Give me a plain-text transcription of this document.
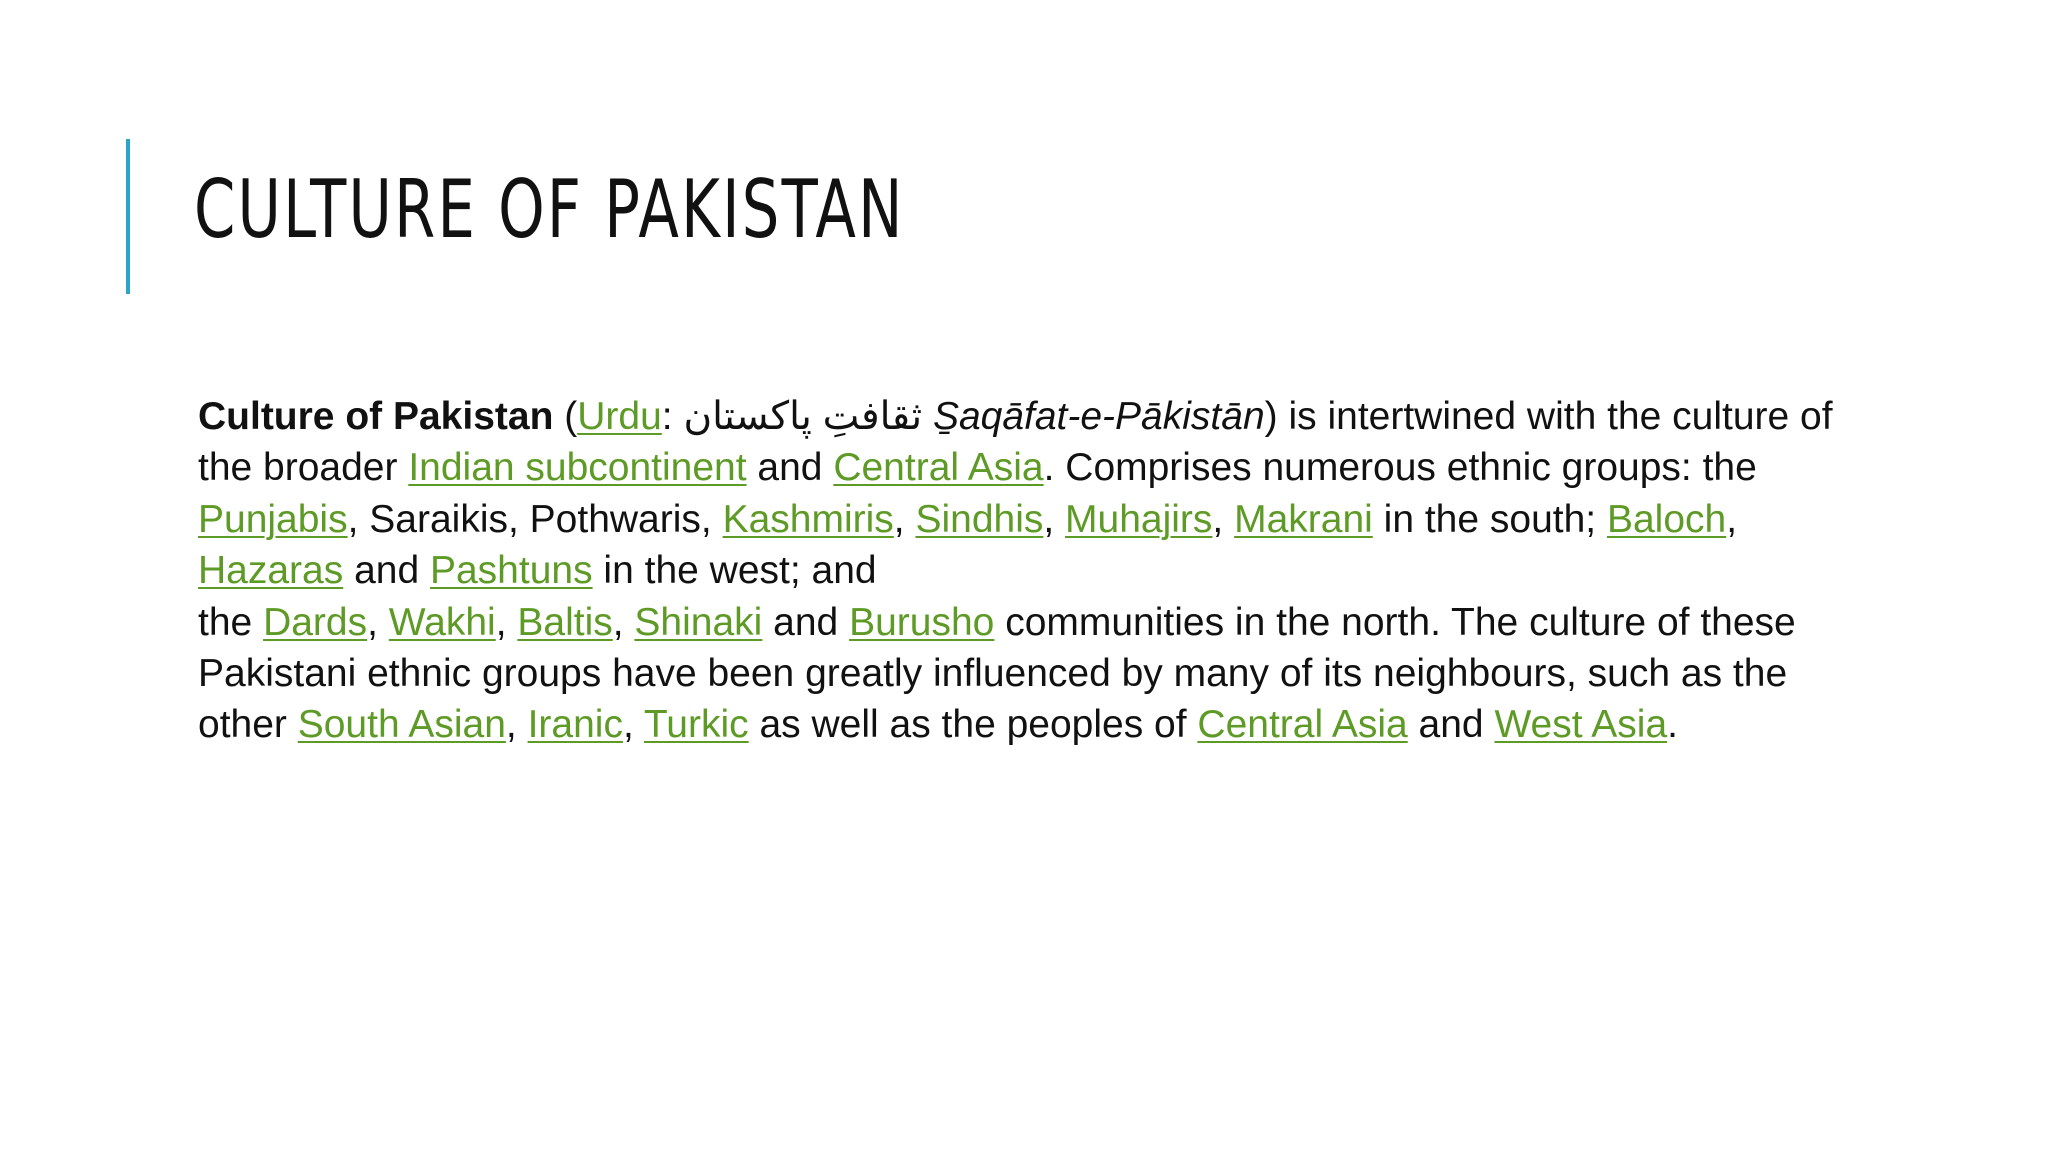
CULTURE OF PAKISTAN

Culture of Pakistan (Urdu: ثقافتِ پاکستان S̱aqāfat-e-Pākistān) is intertwined with the culture of the broader Indian subcontinent and Central Asia. Comprises numerous ethnic groups: the Punjabis, Saraikis, Pothwaris, Kashmiris, Sindhis, Muhajirs, Makrani in the south; Baloch, Hazaras and Pashtuns in the west; and
the Dards, Wakhi, Baltis, Shinaki and Burusho communities in the north. The culture of these Pakistani ethnic groups have been greatly influenced by many of its neighbours, such as the other South Asian, Iranic, Turkic as well as the peoples of Central Asia and West Asia.
